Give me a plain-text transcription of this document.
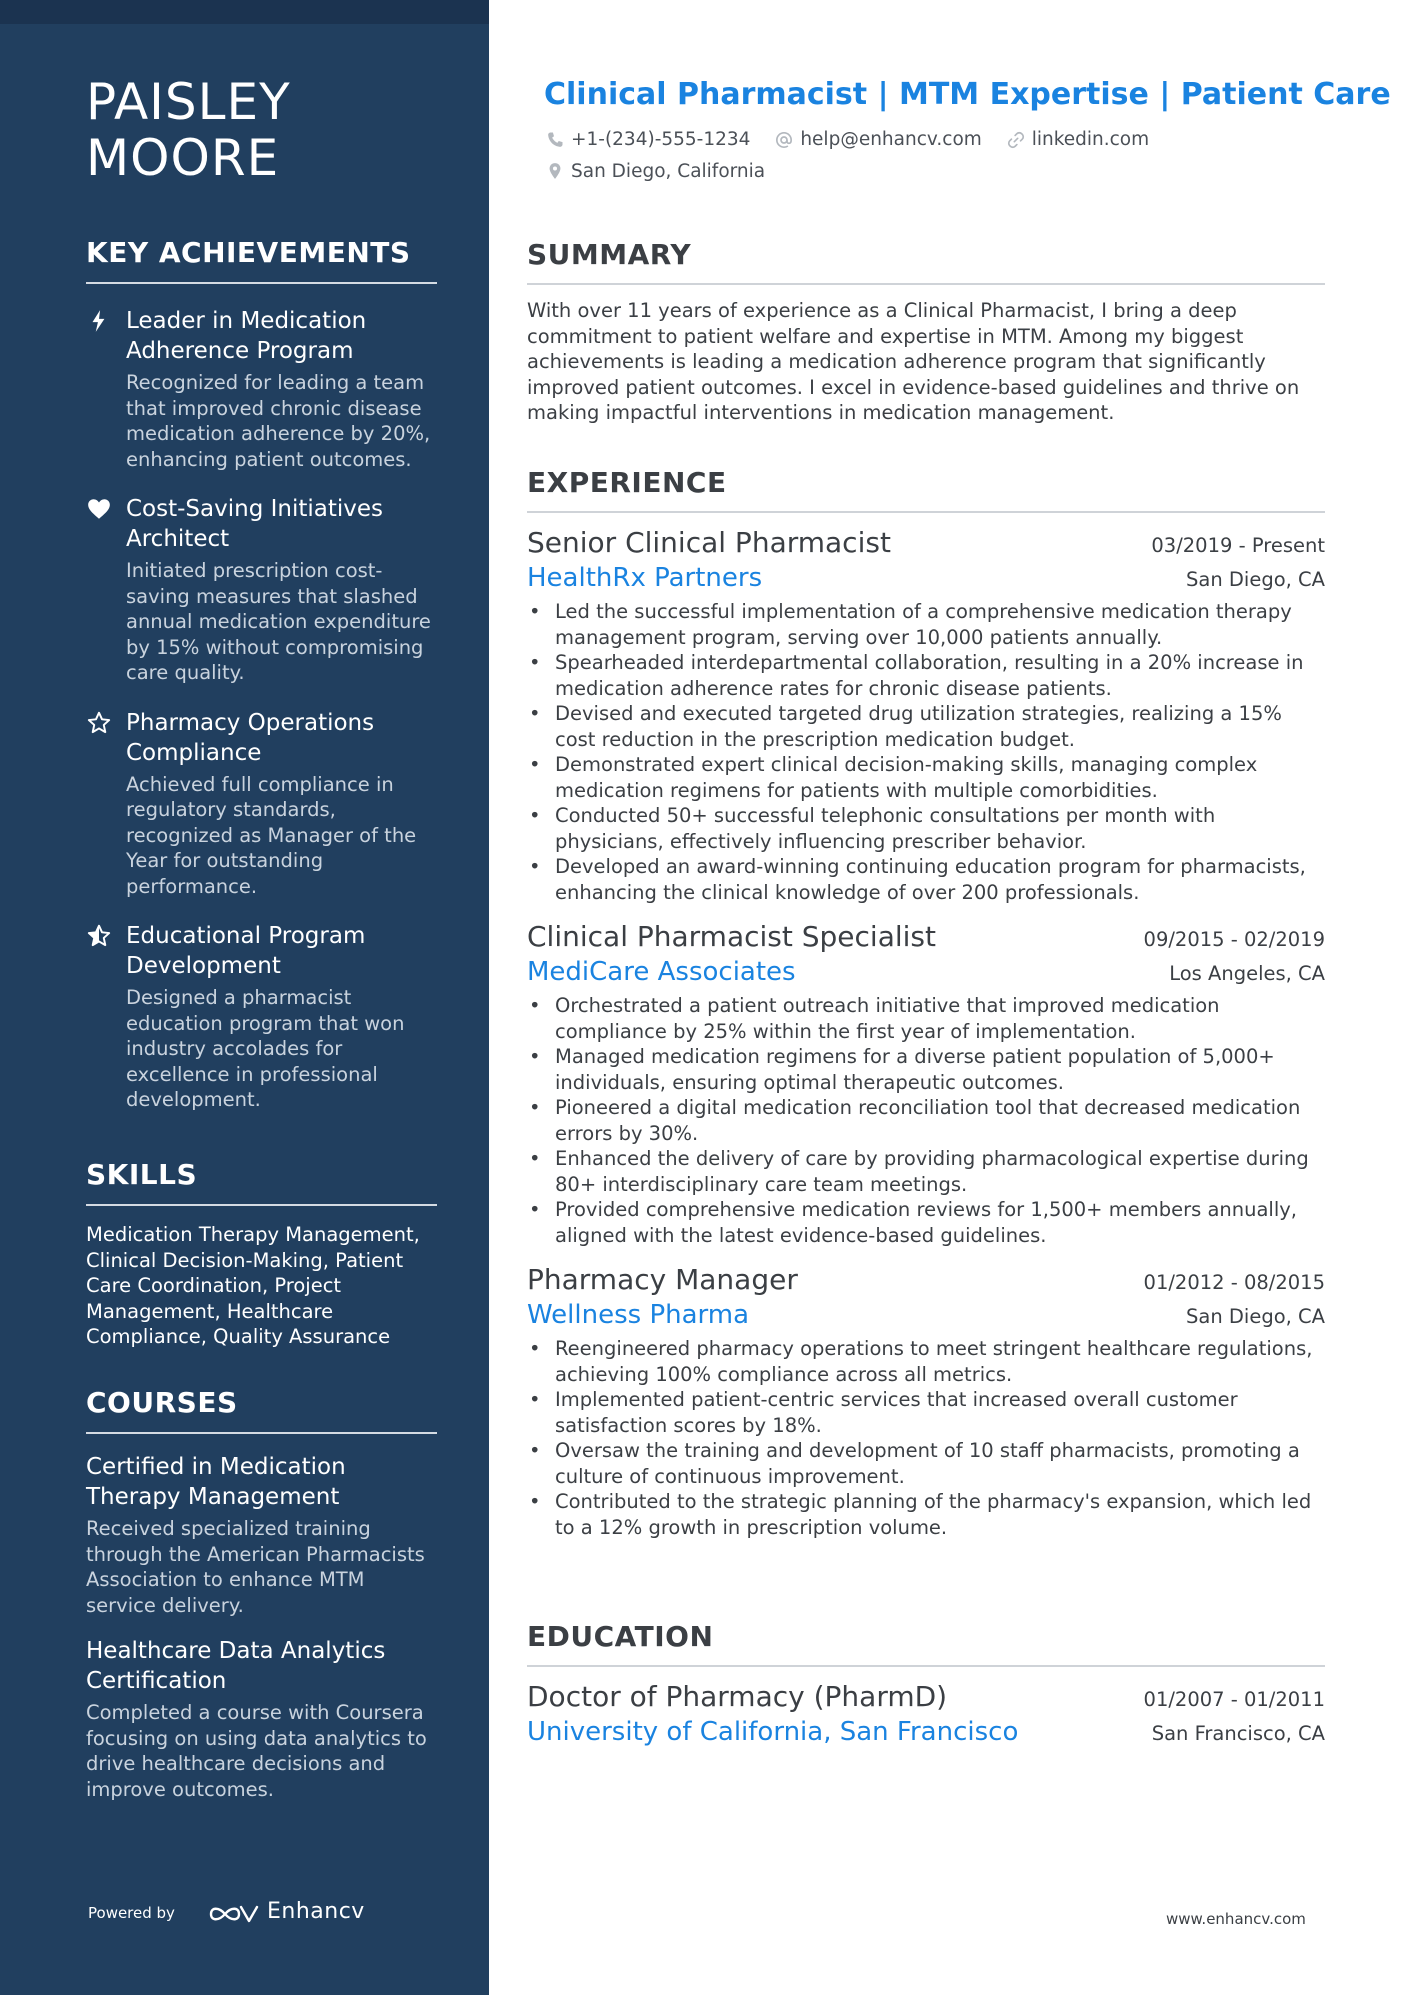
PAISLEY MOORE
KEY ACHIEVEMENTS
Leader in Medication Adherence Program
Recognized for leading a team that improved chronic disease medication adherence by 20%, enhancing patient outcomes.
Cost-Saving Initiatives Architect
Initiated prescription cost-saving measures that slashed annual medication expenditure by 15% without compromising care quality.
Pharmacy Operations Compliance
Achieved full compliance in regulatory standards, recognized as Manager of the Year for outstanding performance.
Educational Program Development
Designed a pharmacist education program that won industry accolades for excellence in professional development.
SKILLS
Medication Therapy Management, Clinical Decision-Making, Patient Care Coordination, Project Management, Healthcare Compliance, Quality Assurance
COURSES
Certified in Medication Therapy Management
Received specialized training through the American Pharmacists Association to enhance MTM service delivery.
Healthcare Data Analytics Certification
Completed a course with Coursera focusing on using data analytics to drive healthcare decisions and improve outcomes.
Powered by	Enhancv
Clinical Pharmacist | MTM Expertise | Patient Care
+1-(234)-555-1234
	help@enhancv.com
	linkedin.com
San Diego, California
SUMMARY
With over 11 years of experience as a Clinical Pharmacist, I bring a deep commitment to patient welfare and expertise in MTM. Among my biggest achievements is leading a medication adherence program that significantly improved patient outcomes. I excel in evidence-based guidelines and thrive on making impactful interventions in medication management.
EXPERIENCE
Senior Clinical Pharmacist	03/2019 - Present
HealthRx Partners	San Diego, CA
• Led the successful implementation of a comprehensive medication therapy management program, serving over 10,000 patients annually.
• Spearheaded interdepartmental collaboration, resulting in a 20% increase in medication adherence rates for chronic disease patients.
• Devised and executed targeted drug utilization strategies, realizing a 15% cost reduction in the prescription medication budget.
• Demonstrated expert clinical decision-making skills, managing complex medication regimens for patients with multiple comorbidities.
• Conducted 50+ successful telephonic consultations per month with physicians, effectively influencing prescriber behavior.
• Developed an award-winning continuing education program for pharmacists, enhancing the clinical knowledge of over 200 professionals.
Clinical Pharmacist Specialist	09/2015 - 02/2019
MediCare Associates	Los Angeles, CA
• Orchestrated a patient outreach initiative that improved medication compliance by 25% within the first year of implementation.
• Managed medication regimens for a diverse patient population of 5,000+ individuals, ensuring optimal therapeutic outcomes.
• Pioneered a digital medication reconciliation tool that decreased medication errors by 30%.
• Enhanced the delivery of care by providing pharmacological expertise during 80+ interdisciplinary care team meetings.
• Provided comprehensive medication reviews for 1,500+ members annually, aligned with the latest evidence-based guidelines.
Pharmacy Manager	01/2012 - 08/2015
Wellness Pharma	San Diego, CA
• Reengineered pharmacy operations to meet stringent healthcare regulations, achieving 100% compliance across all metrics.
• Implemented patient-centric services that increased overall customer satisfaction scores by 18%.
• Oversaw the training and development of 10 staff pharmacists, promoting a culture of continuous improvement.
• Contributed to the strategic planning of the pharmacy's expansion, which led to a 12% growth in prescription volume.
EDUCATION
Doctor of Pharmacy (PharmD)	01/2007 - 01/2011
University of California, San Francisco	San Francisco, CA
www.enhancv.com
